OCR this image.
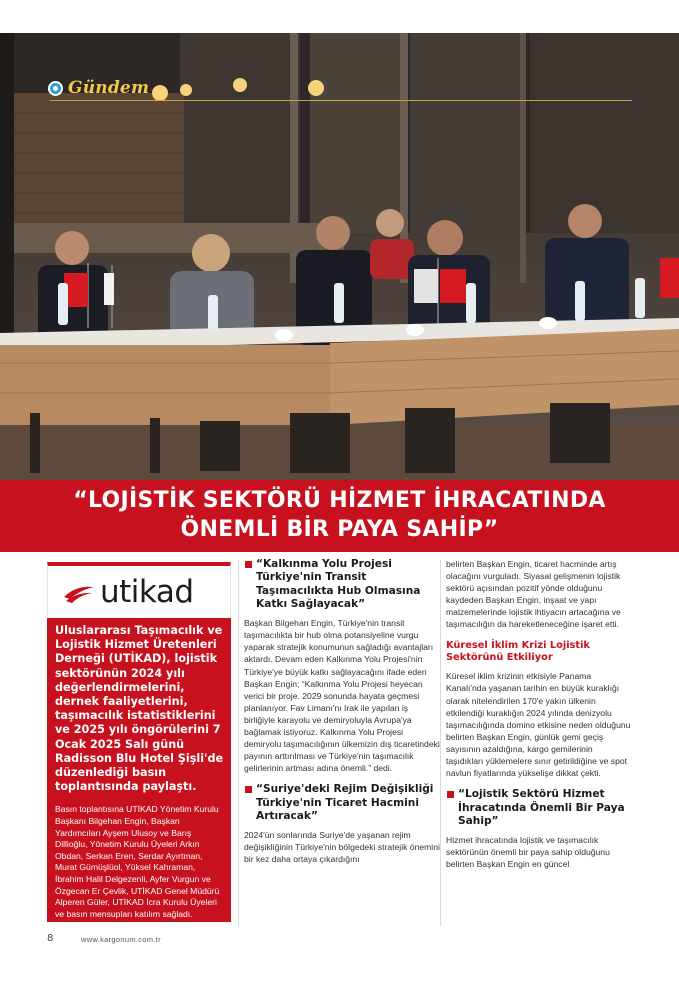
Gündem
“LOJİSTİK SEKTÖRÜ HİZMET İHRACATINDA
ÖNEMLİ BİR PAYA SAHİP”
utikad

Uluslararası Taşımacılık ve Lojistik Hizmet Üretenleri Derneği (UTİKAD), lojistik sektörünün 2024 yılı değerlendirmelerini, dernek faaliyetlerini, taşımacılık istatistiklerini ve 2025 yılı öngörülerini 7 Ocak 2025 Salı günü Radisson Blu Hotel Şişli'de düzenlediği basın toplantısında paylaştı.

Basın toplantısına UTİKAD Yönetim Kurulu Başkanı Bilgehan Engin, Başkan Yardımcıları Ayşem Ulusoy ve Barış Dillioğlu, Yönetim Kurulu Üyeleri Arkın Obdan, Serkan Eren, Serdar Ayırtman, Murat Gümüşlüol, Yüksel Kahraman, İbrahim Halil Delgezenli, Ayfer Vurgun ve Özgecan Er Çevlik, UTİKAD Genel Müdürü Alperen Güler, UTİKAD İcra Kurulu Üyeleri ve basın mensupları katılım sağladı.

“Kalkınma Yolu Projesi Türkiye'nin Transit Taşımacılıkta Hub Olmasına Katkı Sağlayacak”

Başkan Bilgehan Engin, Türkiye'nin transit taşımacılıkta bir hub olma potansiyeline vurgu yaparak stratejik konumunun sağladığı avantajları aktardı. Devam eden Kalkınma Yolu Projesi'nin Türkiye'ye büyük katkı sağlayacağını ifade eden Başkan Engin; “Kalkınma Yolu Projesi heyecan verici bir proje. 2029 sonunda hayata geçmesi planlanıyor. Fav Limanı'nı Irak ile yapılan iş birliğiyle karayolu ve demiryoluyla Avrupa'ya bağlamak istiyoruz. Kalkınma Yolu Projesi demiryolu taşımacılığının ülkemizin dış ticaretindeki payının arttırılması ve Türkiye'nin taşımacılık gelirlerinin artması adına önemli.” dedi.

“Suriye'deki Rejim Değişikliği Türkiye'nin Ticaret Hacmini Artıracak”

2024'ün sonlarında Suriye'de yaşanan rejim değişikliğinin Türkiye'nin bölgedeki stratejik önemini bir kez daha ortaya çıkardığını

belirten Başkan Engin, ticaret hacminde artış olacağını vurguladı. Siyasal gelişmenin lojistik sektörü açısından pozitif yönde olduğunu kaydeden Başkan Engin, inşaat ve yapı malzemelerinde lojistik ihtiyacın artacağına ve taşımacılığın da hareketleneceğine işaret etti.

Küresel İklim Krizi Lojistik Sektörünü Etkiliyor

Küresel iklim krizinin etkisiyle Panama Kanalı'nda yaşanan tarihin en büyük kuraklığı olarak nitelendirilen 170'e yakın ülkenin etkilendiği kuraklığın 2024 yılında denizyolu taşımacılığında domino etkisine neden olduğunu belirten Başkan Engin, günlük gemi geçiş sayısının azaldığına, kargo gemilerinin taşıdıkları yüklemelere sınır getirildiğine ve spot navlun fiyatlarında yükselişe dikkat çekti.

“Lojistik Sektörü Hizmet İhracatında Önemli Bir Paya Sahip”

Hizmet ihracatında lojistik ve taşımacılık sektörünün önemli bir paya sahip olduğunu belirten Başkan Engin en güncel

8	www.kargonum.com.tr
